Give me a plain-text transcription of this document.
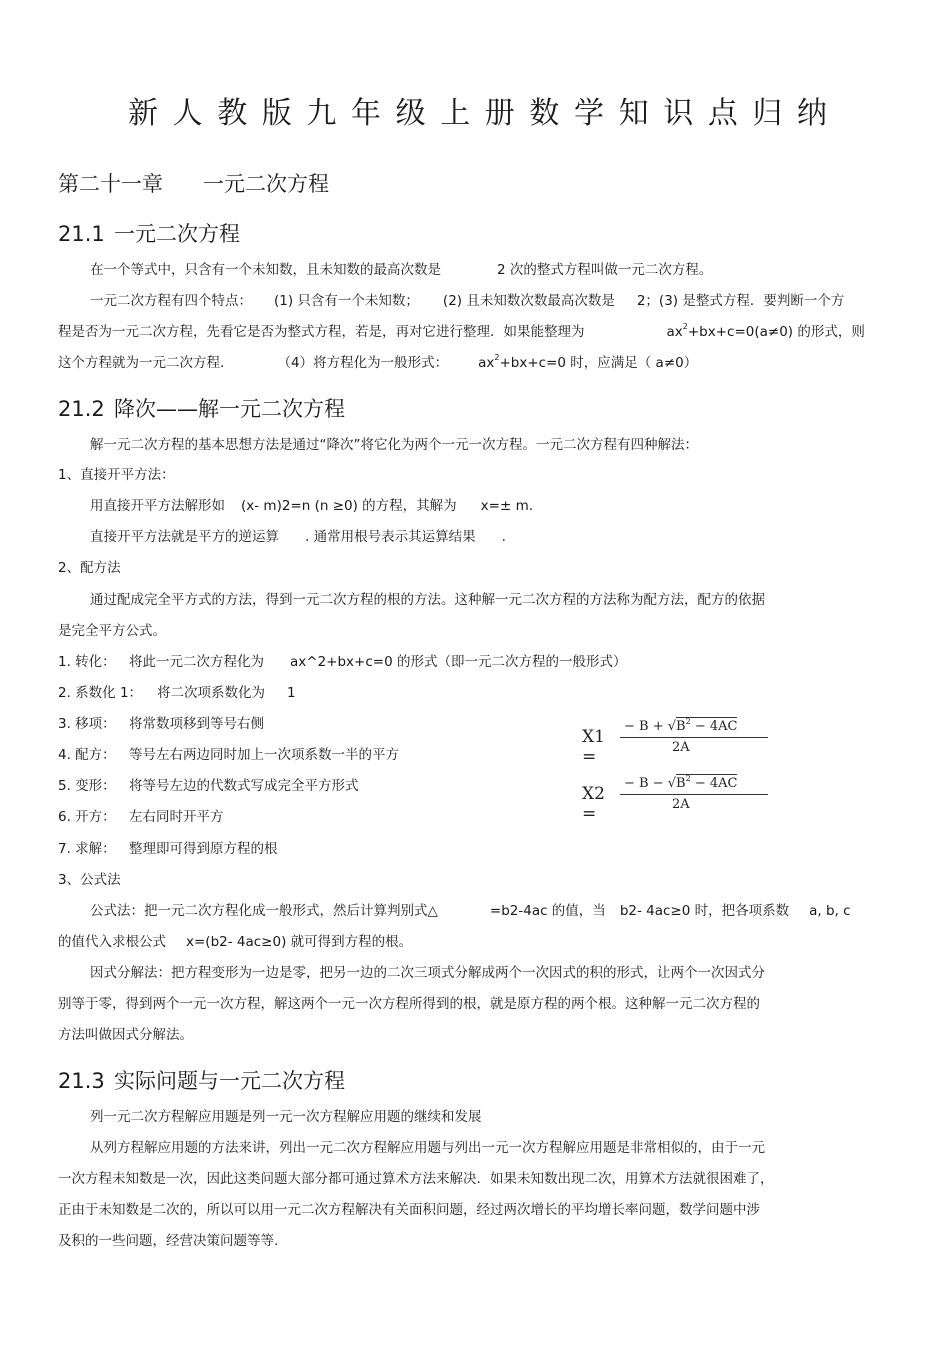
新人教版九年级上册数学知识点归纳
第二十一章 一元二次方程
21.1 一元二次方程
在一个等式中，只含有一个未知数，且未知数的最高次数是	2 次的整式方程叫做一元二次方程。
一元二次方程有四个特点： (1) 只含有一个未知数； (2) 且未知数次数最高次数是 2；(3) 是整式方程．要判断一个方
程是否为一元二次方程，先看它是否为整式方程，若是，再对它进行整理．如果能整理为	$ax^2+bx+c=0(a\ne 0)$ 的形式，则
这个方程就为一元二次方程．	（4）将方程化为一般形式： $ax^2+bx+c=0$ 时，应满足（ a≠0）
21.2 降次——解一元二次方程
解一元二次方程的基本思想方法是通过“降次”将它化为两个一元一次方程。一元二次方程有四种解法：
1、直接开平方法：
用直接开平方法解形如 (x- m)2=n (n ≥0) 的方程，其解为 x=± m.
直接开平方法就是平方的逆运算 . 通常用根号表示其运算结果 .
2、配方法
通过配成完全平方式的方法，得到一元二次方程的根的方法。这种解一元二次方程的方法称为配方法，配方的依据
是完全平方公式。
1. 转化： 将此一元二次方程化为 ax^2+bx+c=0 的形式（即一元二次方程的一般形式）
2. 系数化 1： 将二次项系数化为 1
3. 移项： 将常数项移到等号右侧
4. 配方： 等号左右两边同时加上一次项系数一半的平方
5. 变形： 将等号左边的代数式写成完全平方形式
6. 开方： 左右同时开平方
7. 求解： 整理即可得到原方程的根
X1 =
− $B + √B^2 - 4AC$
2A
X2 =
− $B - √B^2 - 4AC$
2A
3、公式法
公式法：把一元二次方程化成一般形式，然后计算判别式△	=b2-4ac 的值，当 b2- 4ac≥0 时，把各项系数 a, b, c
的值代入求根公式 x=(b2- 4ac≥0) 就可得到方程的根。
因式分解法：把方程变形为一边是零，把另一边的二次三项式分解成两个一次因式的积的形式，让两个一次因式分
别等于零，得到两个一元一次方程，解这两个一元一次方程所得到的根，就是原方程的两个根。这种解一元二次方程的
方法叫做因式分解法。
21.3 实际问题与一元二次方程
列一元二次方程解应用题是列一元一次方程解应用题的继续和发展
从列方程解应用题的方法来讲，列出一元二次方程解应用题与列出一元一次方程解应用题是非常相似的，由于一元
一次方程未知数是一次，因此这类问题大部分都可通过算术方法来解决．如果未知数出现二次，用算术方法就很困难了，
正由于未知数是二次的，所以可以用一元二次方程解决有关面积问题，经过两次增长的平均增长率问题，数学问题中涉
及积的一些问题，经营决策问题等等.
